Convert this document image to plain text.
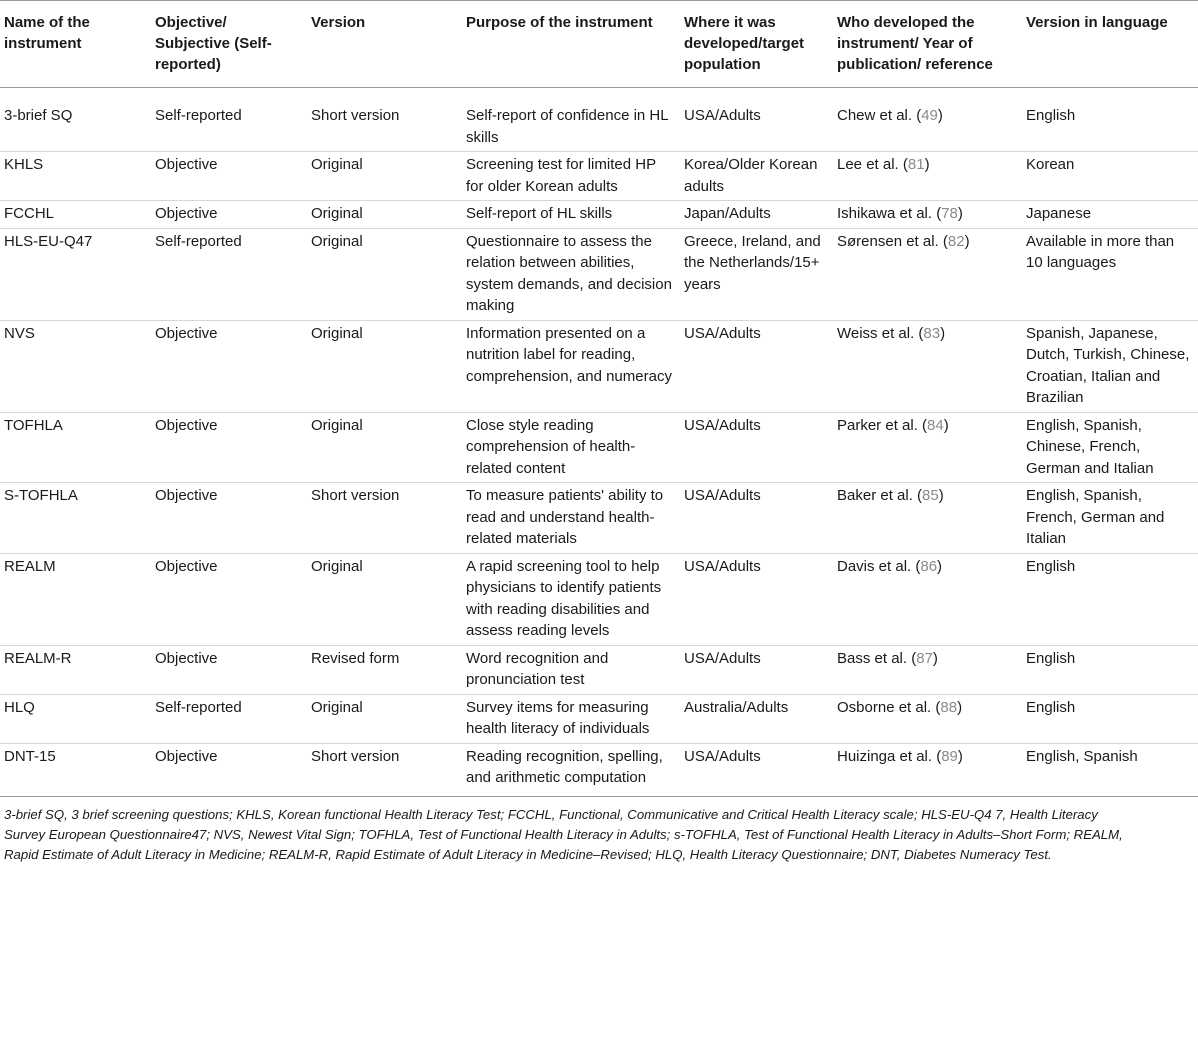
Name of the instrument	Objective/ Subjective (Self-reported)	Version	Purpose of the instrument	Where it was developed/target population	Who developed the instrument/ Year of publication/ reference	Version in language
3-brief SQ	Self-reported	Short version	Self-report of confidence in HL skills	USA/Adults	Chew et al. (49)	English
KHLS	Objective	Original	Screening test for limited HP for older Korean adults	Korea/Older Korean adults	Lee et al. (81)	Korean
FCCHL	Objective	Original	Self-report of HL skills	Japan/Adults	Ishikawa et al. (78)	Japanese
HLS-EU-Q47	Self-reported	Original	Questionnaire to assess the relation between abilities, system demands, and decision making	Greece, Ireland, and the Netherlands/15+ years	Sørensen et al. (82)	Available in more than 10 languages
NVS	Objective	Original	Information presented on a nutrition label for reading, comprehension, and numeracy	USA/Adults	Weiss et al. (83)	Spanish, Japanese, Dutch, Turkish, Chinese, Croatian, Italian and Brazilian
TOFHLA	Objective	Original	Close style reading comprehension of health-related content	USA/Adults	Parker et al. (84)	English, Spanish, Chinese, French, German and Italian
S-TOFHLA	Objective	Short version	To measure patients' ability to read and understand health-related materials	USA/Adults	Baker et al. (85)	English, Spanish, French, German and Italian
REALM	Objective	Original	A rapid screening tool to help physicians to identify patients with reading disabilities and assess reading levels	USA/Adults	Davis et al. (86)	English
REALM-R	Objective	Revised form	Word recognition and pronunciation test	USA/Adults	Bass et al. (87)	English
HLQ	Self-reported	Original	Survey items for measuring health literacy of individuals	Australia/Adults	Osborne et al. (88)	English
DNT-15	Objective	Short version	Reading recognition, spelling, and arithmetic computation	USA/Adults	Huizinga et al. (89)	English, Spanish
3-brief SQ, 3 brief screening questions; KHLS, Korean functional Health Literacy Test; FCCHL, Functional, Communicative and Critical Health Literacy scale; HLS-EU-Q4 7, Health Literacy Survey European Questionnaire47; NVS, Newest Vital Sign; TOFHLA, Test of Functional Health Literacy in Adults; s-TOFHLA, Test of Functional Health Literacy in Adults–Short Form; REALM, Rapid Estimate of Adult Literacy in Medicine; REALM-R, Rapid Estimate of Adult Literacy in Medicine–Revised; HLQ, Health Literacy Questionnaire; DNT, Diabetes Numeracy Test.
